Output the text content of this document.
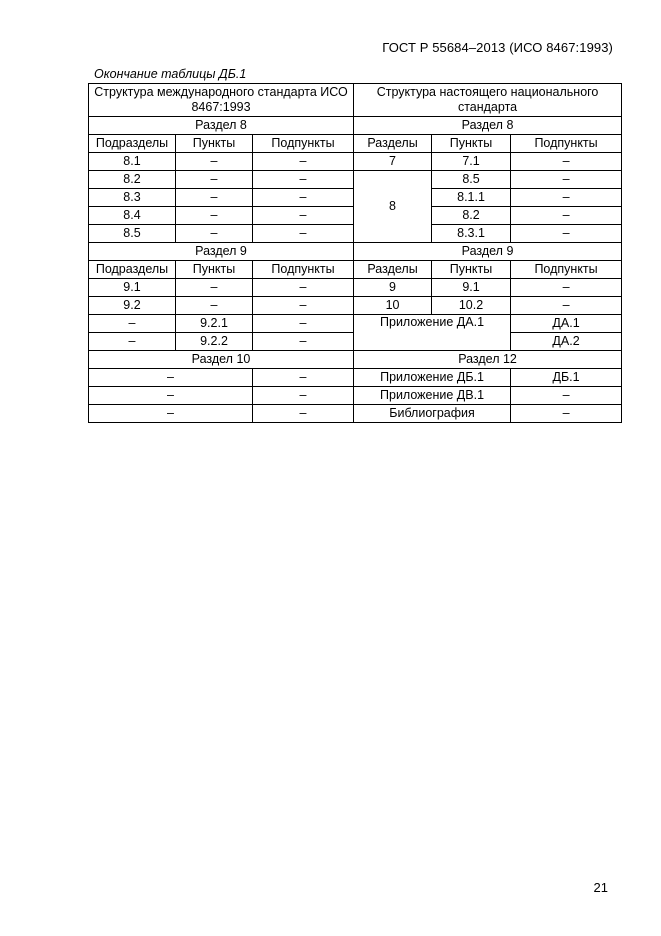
ГОСТ Р 55684–2013 (ИСО 8467:1993)
Окончание таблицы ДБ.1
Структура международного стандарта ИСО 8467:1993			Структура настоящего национального стандарта		
Раздел 8			Раздел 8		
Подразделы	Пункты	Подпункты	Разделы	Пункты	Подпункты
8.1	–	–	7	7.1	–
8.2	–	–	8	8.5	–
8.3	–	–		8.1.1	–
8.4	–	–		8.2	–
8.5	–	–		8.3.1	–
Раздел 9			Раздел 9		
Подразделы	Пункты	Подпункты	Разделы	Пункты	Подпункты
9.1	–	–	9	9.1	–
9.2	–	–	10	10.2	–
–	9.2.1	–	Приложение ДА.1		ДА.1
–	9.2.2	–			ДА.2
Раздел 10			Раздел 12		
–		–	Приложение ДБ.1		ДБ.1
–		–	Приложение ДВ.1		–
–		–	Библиография		–
21
